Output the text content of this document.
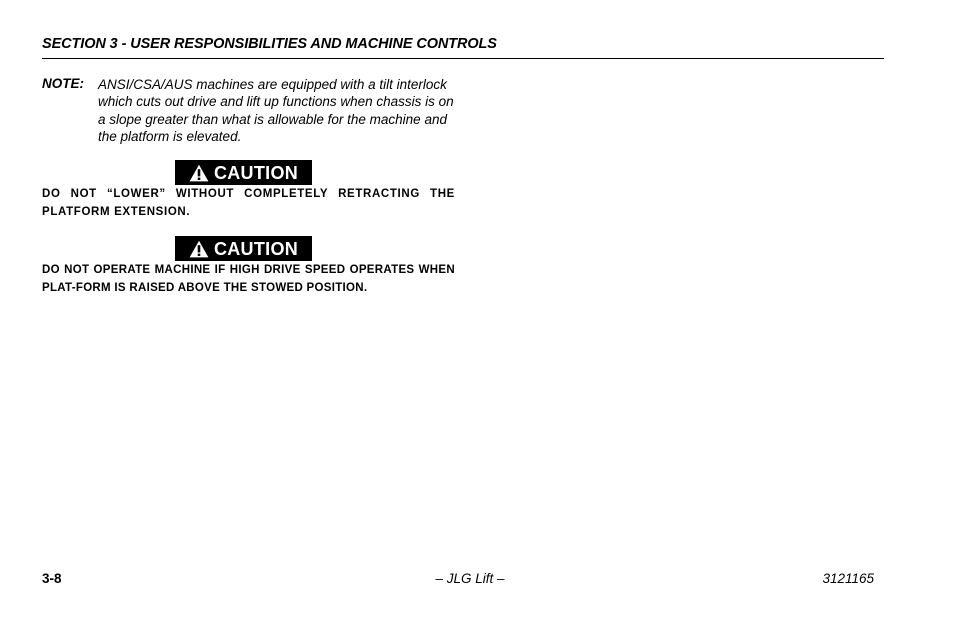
SECTION 3 - USER RESPONSIBILITIES AND MACHINE CONTROLS
NOTE: ANSI/CSA/AUS machines are equipped with a tilt interlock which cuts out drive and lift up functions when chassis is on a slope greater than what is allowable for the machine and the platform is elevated.
CAUTION
DO NOT “LOWER” WITHOUT COMPLETELY RETRACTING THE PLATFORM EXTENSION.
CAUTION
DO NOT OPERATE MACHINE IF HIGH DRIVE SPEED OPERATES WHEN PLAT-FORM IS RAISED ABOVE THE STOWED POSITION.
3-8	– JLG Lift –	3121165
